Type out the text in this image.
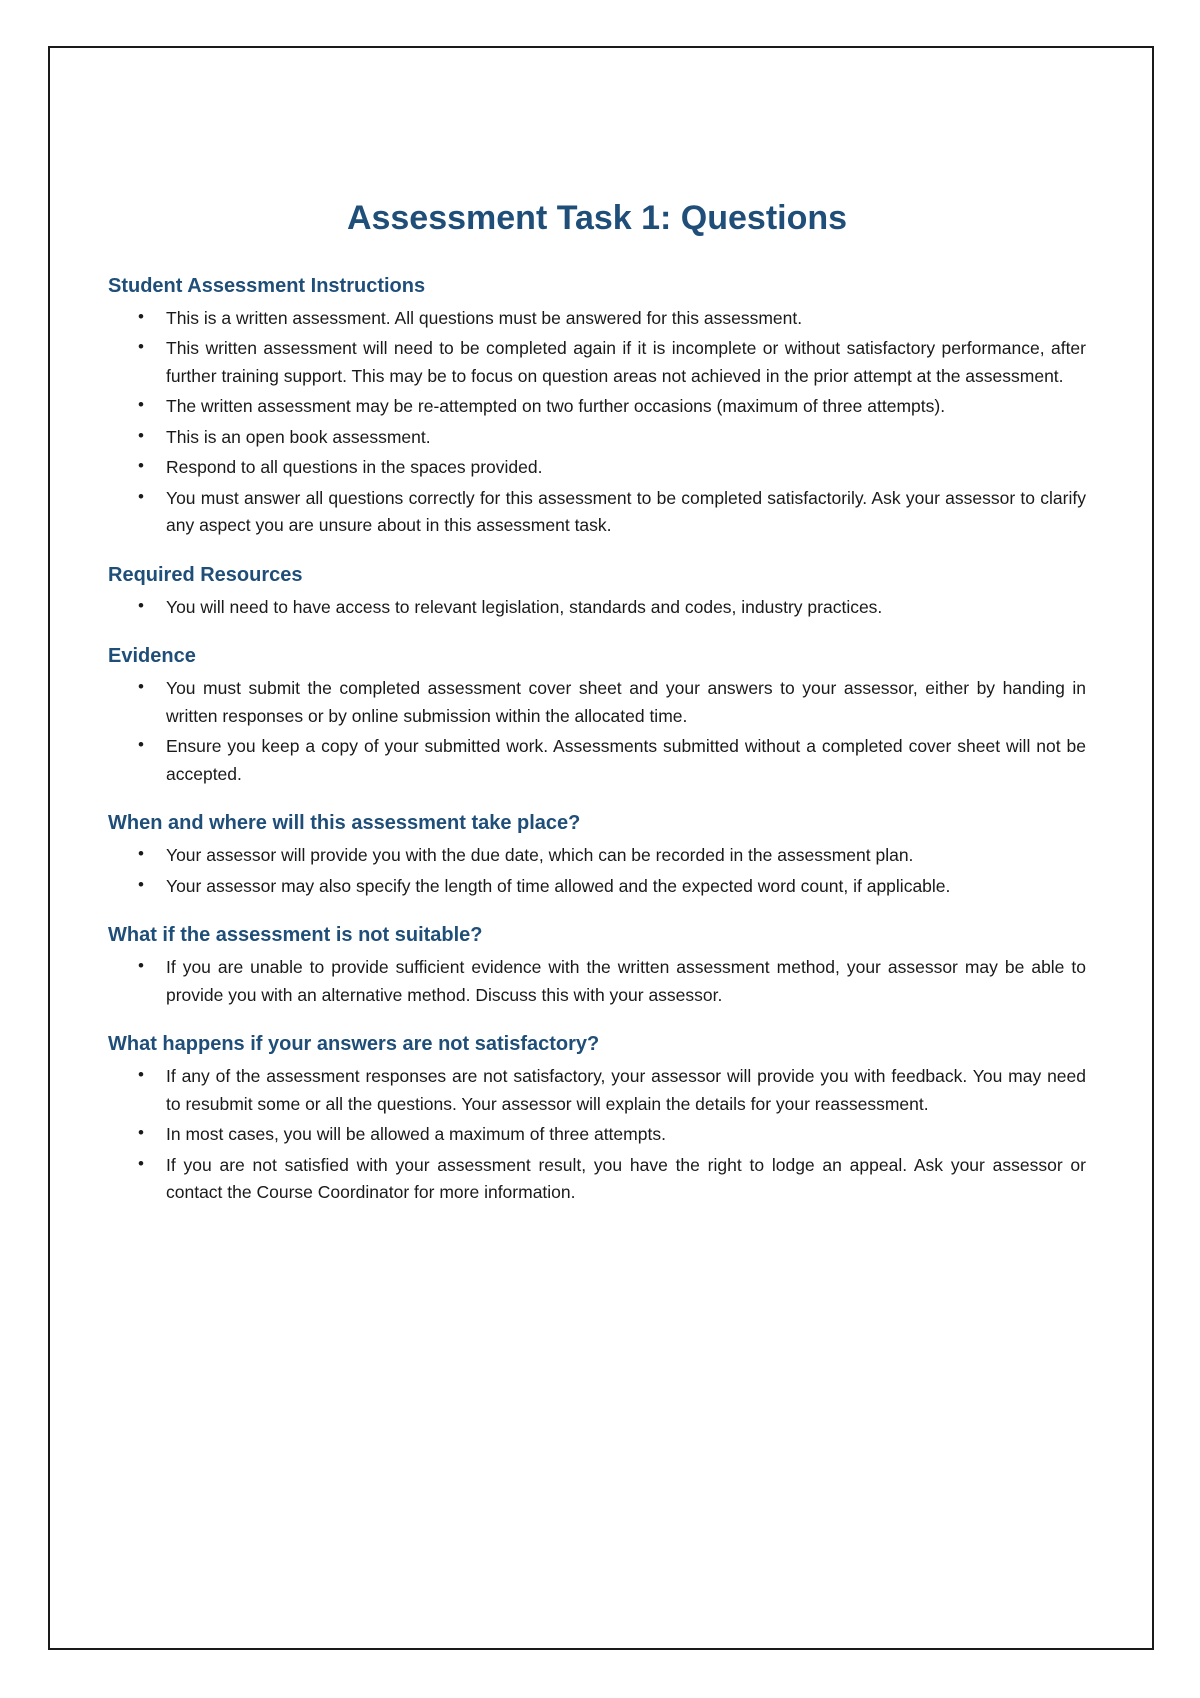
Assessment Task 1: Questions
Student Assessment Instructions
• This is a written assessment. All questions must be answered for this assessment.
• This written assessment will need to be completed again if it is incomplete or without satisfactory performance, after further training support. This may be to focus on question areas not achieved in the prior attempt at the assessment.
• The written assessment may be re-attempted on two further occasions (maximum of three attempts).
• This is an open book assessment.
• Respond to all questions in the spaces provided.
• You must answer all questions correctly for this assessment to be completed satisfactorily. Ask your assessor to clarify any aspect you are unsure about in this assessment task.
Required Resources
• You will need to have access to relevant legislation, standards and codes, industry practices.
Evidence
• You must submit the completed assessment cover sheet and your answers to your assessor, either by handing in written responses or by online submission within the allocated time.
• Ensure you keep a copy of your submitted work. Assessments submitted without a completed cover sheet will not be accepted.
When and where will this assessment take place?
• Your assessor will provide you with the due date, which can be recorded in the assessment plan.
• Your assessor may also specify the length of time allowed and the expected word count, if applicable.
What if the assessment is not suitable?
• If you are unable to provide sufficient evidence with the written assessment method, your assessor may be able to provide you with an alternative method. Discuss this with your assessor.
What happens if your answers are not satisfactory?
• If any of the assessment responses are not satisfactory, your assessor will provide you with feedback. You may need to resubmit some or all the questions. Your assessor will explain the details for your reassessment.
• In most cases, you will be allowed a maximum of three attempts.
• If you are not satisfied with your assessment result, you have the right to lodge an appeal. Ask your assessor or contact the Course Coordinator for more information.
